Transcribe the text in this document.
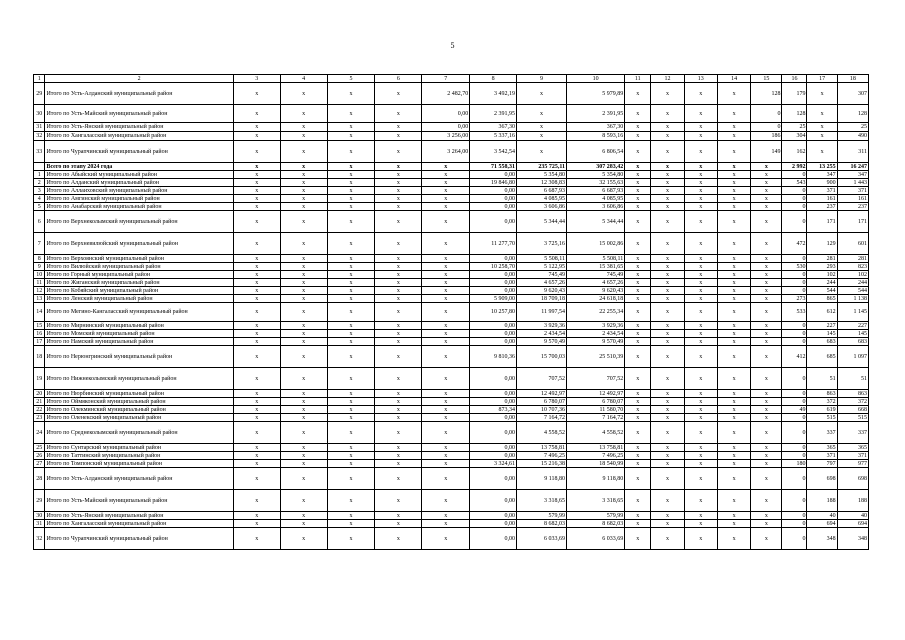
5
1	2	3	4	5	6	7	8	9	10	11	12	13	14	15	16	17	18
29	Итого по Усть-Алданский муниципальный район	x	x	x	x	2 482,70	3 492,19	x	5 979,89	x	x	x	x	128	179	x	307
30	Итого по Усть-Майский муниципальный район	x	x	x	x	0,00	2 391,95	x	2 391,95	x	x	x	x	0	128	x	128
31	Итого по Усть-Янский муниципальный район	x	x	x	x	0,00	367,30	x	367,30	x	x	x	x	0	25	x	25
32	Итого по Хангаласский муниципальный район	x	x	x	x	3 256,00	5 337,16	x	8 593,16	x	x	x	x	186	304	x	490
33	Итого по Чурапчинский муниципальный район	x	x	x	x	3 264,00	3 542,54	x	6 806,54	x	x	x	x	149	162	x	311
	Всего по этапу 2024 года	x	x	x	x	x	71 558,31	235 725,11	307 283,42	x	x	x	x	x	2 992	13 255	16 247
1	Итого по Абыйский муниципальный район	x	x	x	x	x	0,00	5 354,80	5 354,80	x	x	x	x	x	0	347	347
2	Итого по Алданский муниципальный район	x	x	x	x	x	19 846,80	12 308,83	32 155,63	x	x	x	x	x	543	900	1 443
3	Итого по Аллаиховский муниципальный район	x	x	x	x	x	0,00	6 687,93	6 687,93	x	x	x	x	x	0	371	371
4	Итого по Амгинский муниципальный район	x	x	x	x	x	0,00	4 085,95	4 085,95	x	x	x	x	x	0	161	161
5	Итого по Анабарский муниципальный район	x	x	x	x	x	0,00	3 606,86	3 606,86	x	x	x	x	x	0	237	237
6	Итого по Верхнеколымский муниципальный район	x	x	x	x	x	0,00	5 344,44	5 344,44	x	x	x	x	x	0	171	171
7	Итого по Верхневилюйский муниципальный район	x	x	x	x	x	11 277,70	3 725,16	15 002,86	x	x	x	x	x	472	129	601
8	Итого по Верхоянский муниципальный район	x	x	x	x	x	0,00	5 508,11	5 508,11	x	x	x	x	x	0	281	281
9	Итого по Вилюйский муниципальный район	x	x	x	x	x	10 258,70	5 122,95	15 381,65	x	x	x	x	x	530	293	823
10	Итого по Горный муниципальный район	x	x	x	x	x	0,00	745,49	745,49	x	x	x	x	x	0	102	102
11	Итого по Жиганский муниципальный район	x	x	x	x	x	0,00	4 657,26	4 657,26	x	x	x	x	x	0	244	244
12	Итого по Кобяйский муниципальный район	x	x	x	x	x	0,00	9 620,43	9 620,43	x	x	x	x	x	0	544	544
13	Итого по Ленский муниципальный район	x	x	x	x	x	5 909,00	18 709,18	24 618,18	x	x	x	x	x	273	865	1 138
14	Итого по Мегино-Кангаласский муниципальный район	x	x	x	x	x	10 257,80	11 997,54	22 255,34	x	x	x	x	x	533	612	1 145
15	Итого по Мирнинский муниципальный район	x	x	x	x	x	0,00	3 929,36	3 929,36	x	x	x	x	x	0	227	227
16	Итого по Момский муниципальный район	x	x	x	x	x	0,00	2 434,54	2 434,54	x	x	x	x	x	0	145	145
17	Итого по Намский муниципальный район	x	x	x	x	x	0,00	9 570,49	9 570,49	x	x	x	x	x	0	683	683
18	Итого по Нерюнгринский муниципальный район	x	x	x	x	x	9 810,36	15 700,03	25 510,39	x	x	x	x	x	412	685	1 097
19	Итого по Нижнеколымский муниципальный район	x	x	x	x	x	0,00	707,52	707,52	x	x	x	x	x	0	51	51
20	Итого по Нюрбинский муниципальный район	x	x	x	x	x	0,00	12 492,97	12 492,97	x	x	x	x	x	0	863	863
21	Итого по Оймяконский муниципальный район	x	x	x	x	x	0,00	6 780,07	6 780,07	x	x	x	x	x	0	372	372
22	Итого по Олекминский муниципальный район	x	x	x	x	x	873,34	10 707,36	11 580,70	x	x	x	x	x	49	619	668
23	Итого по Оленекский муниципальный район	x	x	x	x	x	0,00	7 164,72	7 164,72	x	x	x	x	x	0	515	515
24	Итого по Среднеколымский муниципальный район	x	x	x	x	x	0,00	4 558,52	4 558,52	x	x	x	x	x	0	337	337
25	Итого по Сунтарский муниципальный район	x	x	x	x	x	0,00	13 758,81	13 758,81	x	x	x	x	x	0	365	365
26	Итого по Таттинский муниципальный район	x	x	x	x	x	0,00	7 496,25	7 496,25	x	x	x	x	x	0	371	371
27	Итого по Томпонский муниципальный район	x	x	x	x	x	3 324,61	15 216,38	18 540,99	x	x	x	x	x	180	797	977
28	Итого по Усть-Алданский муниципальный район	x	x	x	x	x	0,00	9 118,80	9 118,80	x	x	x	x	x	0	698	698
29	Итого по Усть-Майский муниципальный район	x	x	x	x	x	0,00	3 318,65	3 318,65	x	x	x	x	x	0	188	188
30	Итого по Усть-Янский муниципальный район	x	x	x	x	x	0,00	579,99	579,99	x	x	x	x	x	0	40	40
31	Итого по Хангаласский муниципальный район	x	x	x	x	x	0,00	8 682,03	8 682,03	x	x	x	x	x	0	694	694
32	Итого по Чурапчинский муниципальный район	x	x	x	x	x	0,00	6 033,69	6 033,69	x	x	x	x	x	0	348	348
